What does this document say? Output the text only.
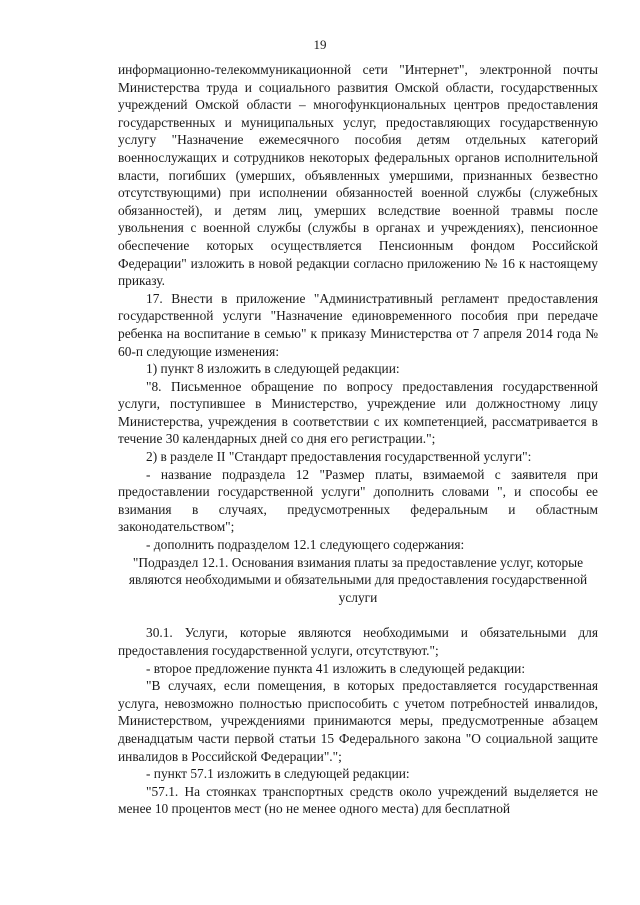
19

информационно-телекоммуникационной сети "Интернет", электронной почты Министерства труда и социального развития Омской области, государственных учреждений Омской области – многофункциональных центров предоставления государственных и муниципальных услуг, предоставляющих государственную услугу "Назначение ежемесячного пособия детям отдельных категорий военнослужащих и сотрудников некоторых федеральных органов исполнительной власти, погибших (умерших, объявленных умершими, признанных безвестно отсутствующими) при исполнении обязанностей военной службы (служебных обязанностей), и детям лиц, умерших вследствие военной травмы после увольнения с военной службы (службы в органах и учреждениях), пенсионное обеспечение которых осуществляется Пенсионным фондом Российской Федерации" изложить в новой редакции согласно приложению № 16 к настоящему приказу.

17. Внести в приложение "Административный регламент предоставления государственной услуги "Назначение единовременного пособия при передаче ребенка на воспитание в семью" к приказу Министерства от 7 апреля 2014 года № 60-п следующие изменения:

1) пункт 8 изложить в следующей редакции:

"8. Письменное обращение по вопросу предоставления государственной услуги, поступившее в Министерство, учреждение или должностному лицу Министерства, учреждения в соответствии с их компетенцией, рассматривается в течение 30 календарных дней со дня его регистрации.";

2) в разделе II "Стандарт предоставления государственной услуги":

- название подраздела 12 "Размер платы, взимаемой с заявителя при предоставлении государственной услуги" дополнить словами ", и способы ее взимания в случаях, предусмотренных федеральным и областным законодательством";

- дополнить подразделом 12.1 следующего содержания:

"Подраздел 12.1. Основания взимания платы за предоставление услуг, которые являются необходимыми и обязательными для предоставления государственной услуги

30.1. Услуги, которые являются необходимыми и обязательными для предоставления государственной услуги, отсутствуют.";

- второе предложение пункта 41 изложить в следующей редакции:

"В случаях, если помещения, в которых предоставляется государственная услуга, невозможно полностью приспособить с учетом потребностей инвалидов, Министерством, учреждениями принимаются меры, предусмотренные абзацем двенадцатым части первой статьи 15 Федерального закона "О социальной защите инвалидов в Российской Федерации".";

- пункт 57.1 изложить в следующей редакции:

"57.1. На стоянках транспортных средств около учреждений выделяется не менее 10 процентов мест (но не менее одного места) для бесплатной
